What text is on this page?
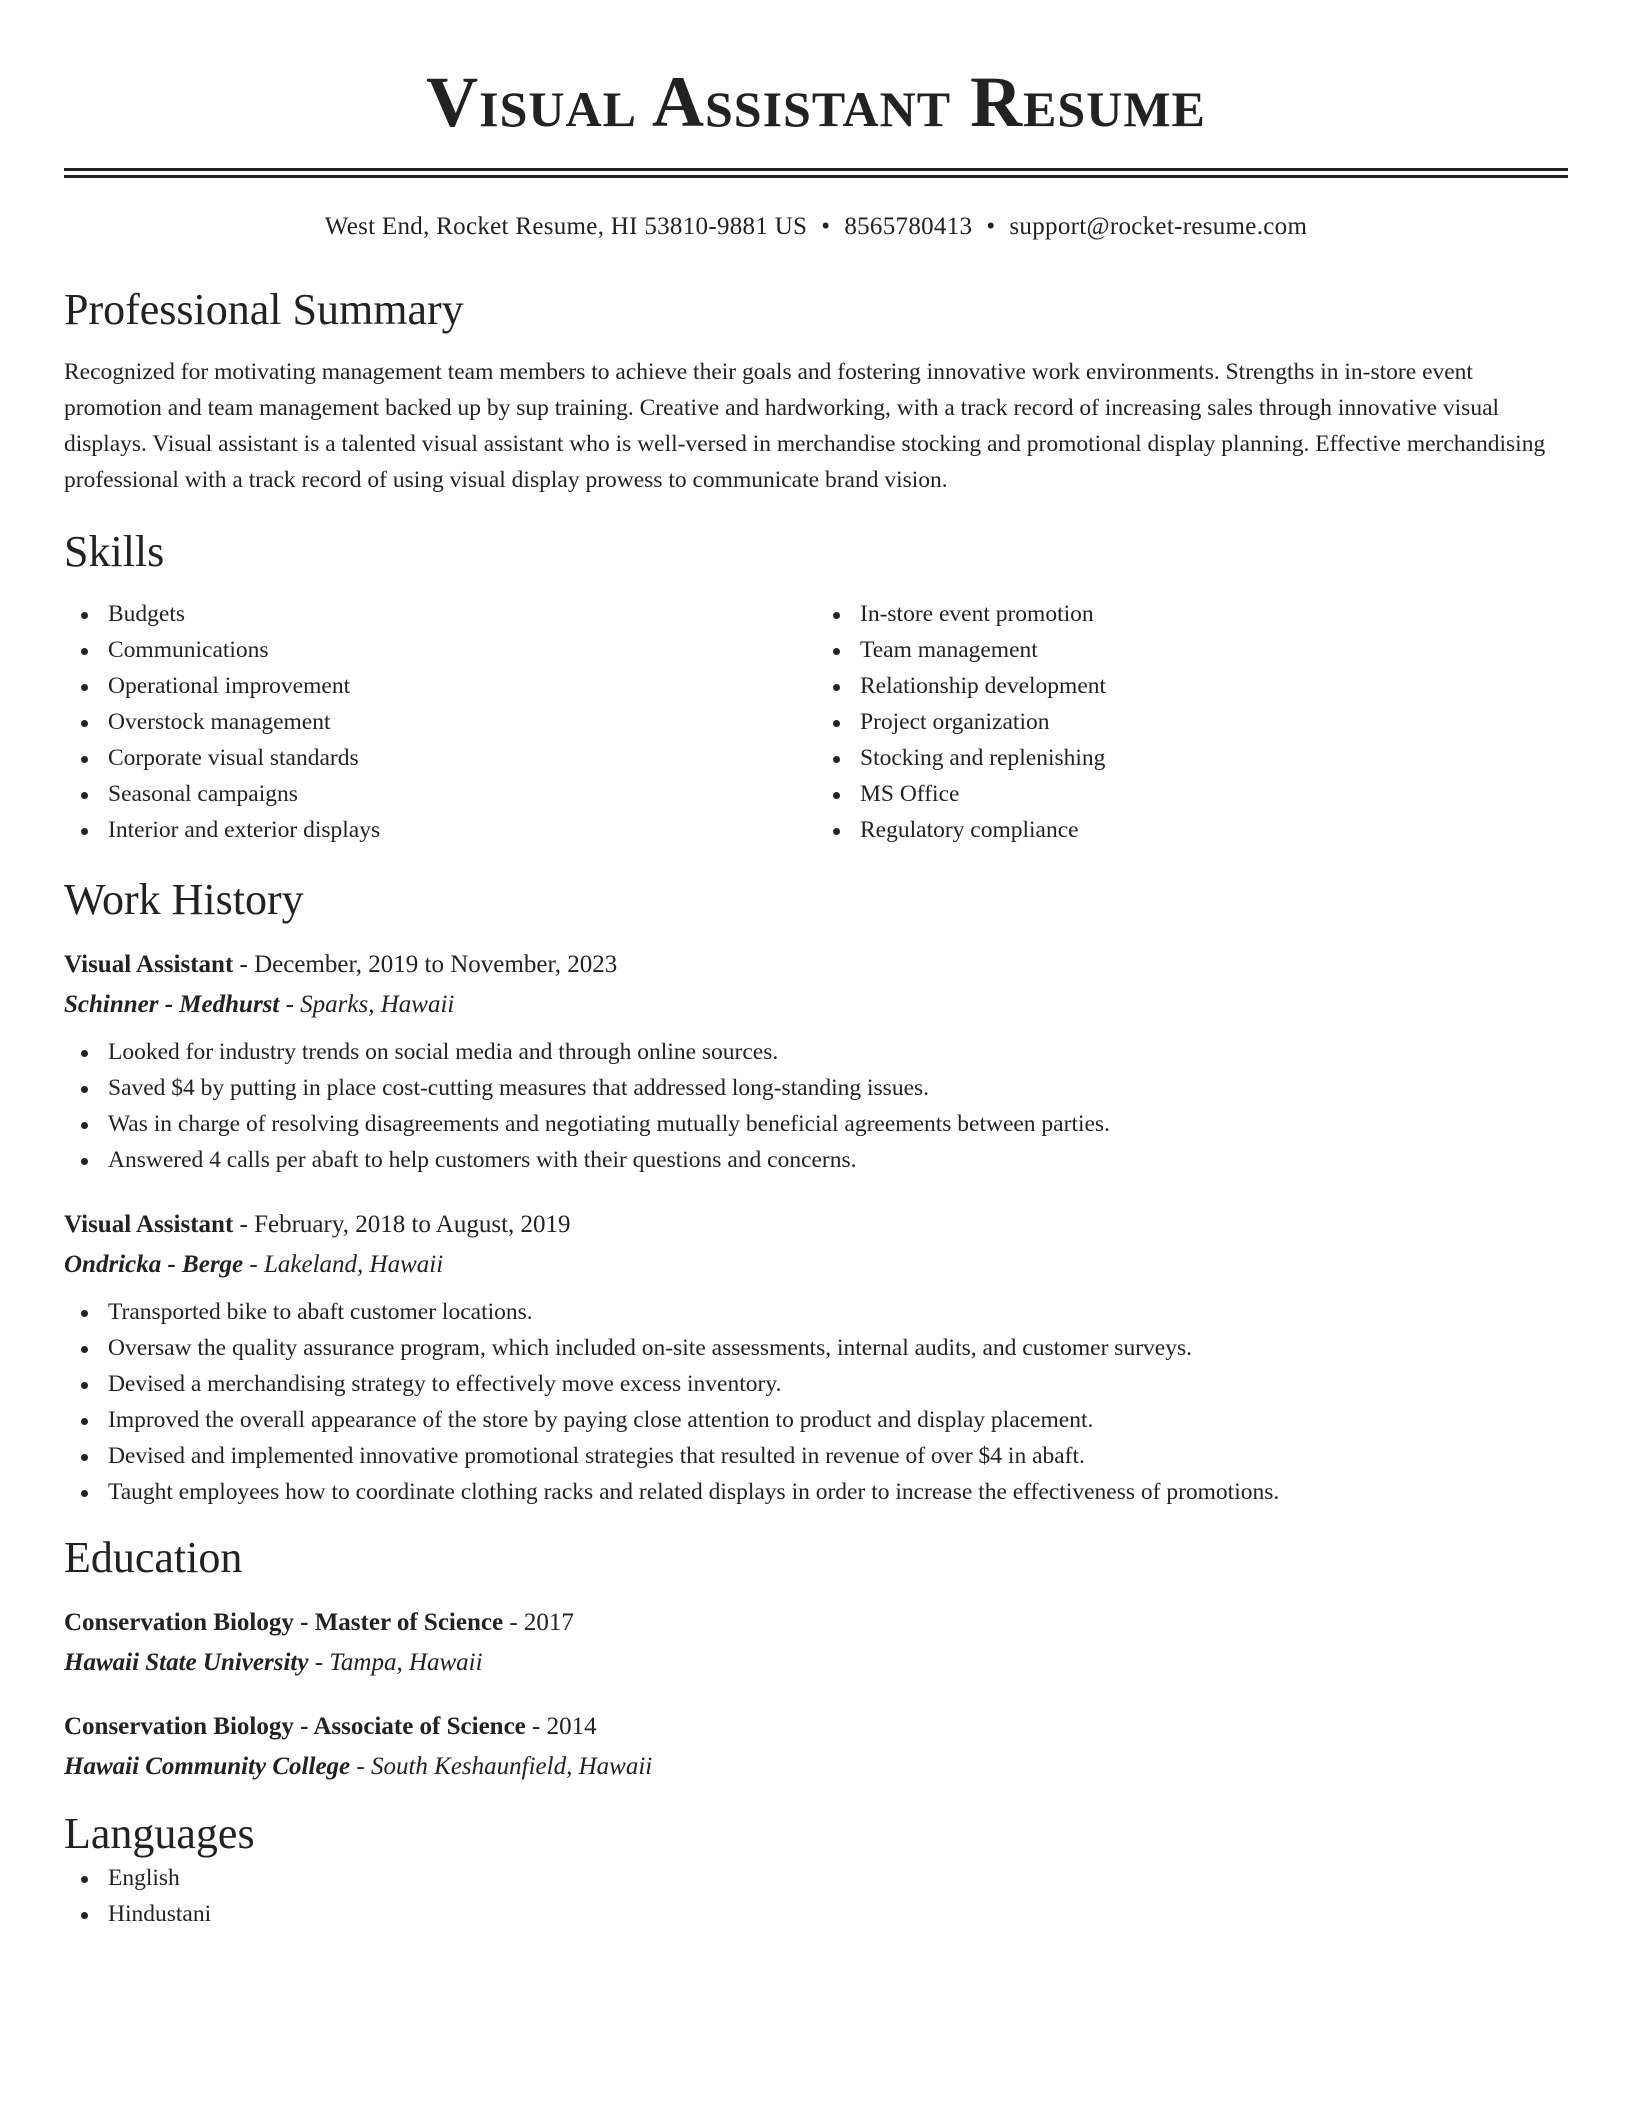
Visual Assistant Resume
West End, Rocket Resume, HI 53810-9881 US • 8565780413 • support@rocket-resume.com
Professional Summary

Recognized for motivating management team members to achieve their goals and fostering innovative work environments. Strengths in in-store event promotion and team management backed up by sup training. Creative and hardworking, with a track record of increasing sales through innovative visual displays. Visual assistant is a talented visual assistant who is well-versed in merchandise stocking and promotional display planning. Effective merchandising professional with a track record of using visual display prowess to communicate brand vision.

Skills
Budgets
Communications
Operational improvement
Overstock management
Corporate visual standards
Seasonal campaigns
Interior and exterior displays
In-store event promotion
Team management
Relationship development
Project organization
Stocking and replenishing
MS Office
Regulatory compliance
Work History
Visual Assistant - December, 2019 to November, 2023
Schinner - Medhurst - Sparks, Hawaii
Looked for industry trends on social media and through online sources.
Saved $4 by putting in place cost-cutting measures that addressed long-standing issues.
Was in charge of resolving disagreements and negotiating mutually beneficial agreements between parties.
Answered 4 calls per abaft to help customers with their questions and concerns.
Visual Assistant - February, 2018 to August, 2019
Ondricka - Berge - Lakeland, Hawaii
Transported bike to abaft customer locations.
Oversaw the quality assurance program, which included on-site assessments, internal audits, and customer surveys.
Devised a merchandising strategy to effectively move excess inventory.
Improved the overall appearance of the store by paying close attention to product and display placement.
Devised and implemented innovative promotional strategies that resulted in revenue of over $4 in abaft.
Taught employees how to coordinate clothing racks and related displays in order to increase the effectiveness of promotions.
Education
Conservation Biology - Master of Science - 2017
Hawaii State University - Tampa, Hawaii
Conservation Biology - Associate of Science - 2014
Hawaii Community College - South Keshaunfield, Hawaii
Languages
English
Hindustani
